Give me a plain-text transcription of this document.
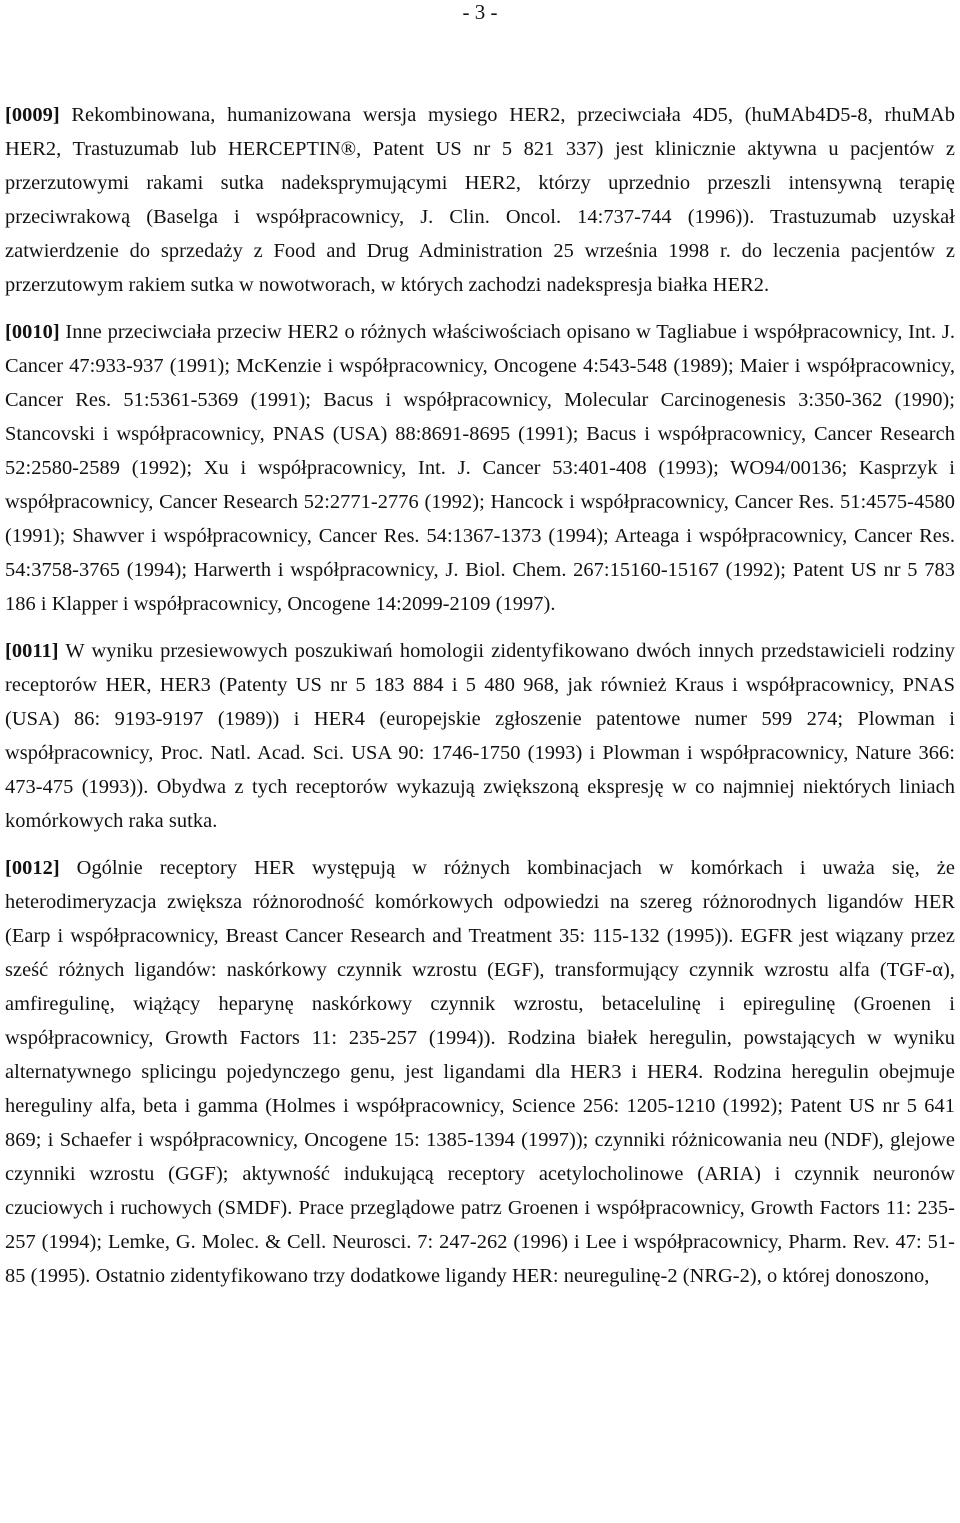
- 3 -

[0009] Rekombinowana, humanizowana wersja mysiego HER2, przeciwciała 4D5, (huMAb4D5-8, rhuMAb HER2, Trastuzumab lub HERCEPTIN®, Patent US nr 5 821 337) jest klinicznie aktywna u pacjentów z przerzutowymi rakami sutka nadeksprymującymi HER2, którzy uprzednio przeszli intensywną terapię przeciwrakową (Baselga i współpracownicy, J. Clin. Oncol. 14:737-744 (1996)). Trastuzumab uzyskał zatwierdzenie do sprzedaży z Food and Drug Administration 25 września 1998 r. do leczenia pacjentów z przerzutowym rakiem sutka w nowotworach, w których zachodzi nadekspresja białka HER2.

[0010] Inne przeciwciała przeciw HER2 o różnych właściwościach opisano w Tagliabue i współpracownicy, Int. J. Cancer 47:933-937 (1991); McKenzie i współpracownicy, Oncogene 4:543-548 (1989); Maier i współpracownicy, Cancer Res. 51:5361-5369 (1991); Bacus i współpracownicy, Molecular Carcinogenesis 3:350-362 (1990); Stancovski i współpracownicy, PNAS (USA) 88:8691-8695 (1991); Bacus i współpracownicy, Cancer Research 52:2580-2589 (1992); Xu i współpracownicy, Int. J. Cancer 53:401-408 (1993); WO94/00136; Kasprzyk i współpracownicy, Cancer Research 52:2771-2776 (1992); Hancock i współpracownicy, Cancer Res. 51:4575-4580 (1991); Shawver i współpracownicy, Cancer Res. 54:1367-1373 (1994); Arteaga i współpracownicy, Cancer Res. 54:3758-3765 (1994); Harwerth i współpracownicy, J. Biol. Chem. 267:15160-15167 (1992); Patent US nr 5 783 186 i Klapper i współpracownicy, Oncogene 14:2099-2109 (1997).

[0011] W wyniku przesiewowych poszukiwań homologii zidentyfikowano dwóch innych przedstawicieli rodziny receptorów HER, HER3 (Patenty US nr 5 183 884 i 5 480 968, jak również Kraus i współpracownicy, PNAS (USA) 86: 9193-9197 (1989)) i HER4 (europejskie zgłoszenie patentowe numer 599 274; Plowman i współpracownicy, Proc. Natl. Acad. Sci. USA 90: 1746-1750 (1993) i Plowman i współpracownicy, Nature 366: 473-475 (1993)). Obydwa z tych receptorów wykazują zwiększoną ekspresję w co najmniej niektórych liniach komórkowych raka sutka.

[0012] Ogólnie receptory HER występują w różnych kombinacjach w komórkach i uważa się, że heterodimeryzacja zwiększa różnorodność komórkowych odpowiedzi na szereg różnorodnych ligandów HER (Earp i współpracownicy, Breast Cancer Research and Treatment 35: 115-132 (1995)). EGFR jest wiązany przez sześć różnych ligandów: naskórkowy czynnik wzrostu (EGF), transformujący czynnik wzrostu alfa (TGF-α), amfiregulinę, wiążący heparynę naskórkowy czynnik wzrostu, betacelulinę i epiregulinę (Groenen i współpracownicy, Growth Factors 11: 235-257 (1994)). Rodzina białek heregulin, powstających w wyniku alternatywnego splicingu pojedynczego genu, jest ligandami dla HER3 i HER4. Rodzina heregulin obejmuje hereguliny alfa, beta i gamma (Holmes i współpracownicy, Science 256: 1205-1210 (1992); Patent US nr 5 641 869; i Schaefer i współpracownicy, Oncogene 15: 1385-1394 (1997)); czynniki różnicowania neu (NDF), glejowe czynniki wzrostu (GGF); aktywność indukującą receptory acetylocholinowe (ARIA) i czynnik neuronów czuciowych i ruchowych (SMDF). Prace przeglądowe patrz Groenen i współpracownicy, Growth Factors 11: 235-257 (1994); Lemke, G. Molec. & Cell. Neurosci. 7: 247-262 (1996) i Lee i współpracownicy, Pharm. Rev. 47: 51-85 (1995). Ostatnio zidentyfikowano trzy dodatkowe ligandy HER: neuregulinę-2 (NRG-2), o której donoszono,
